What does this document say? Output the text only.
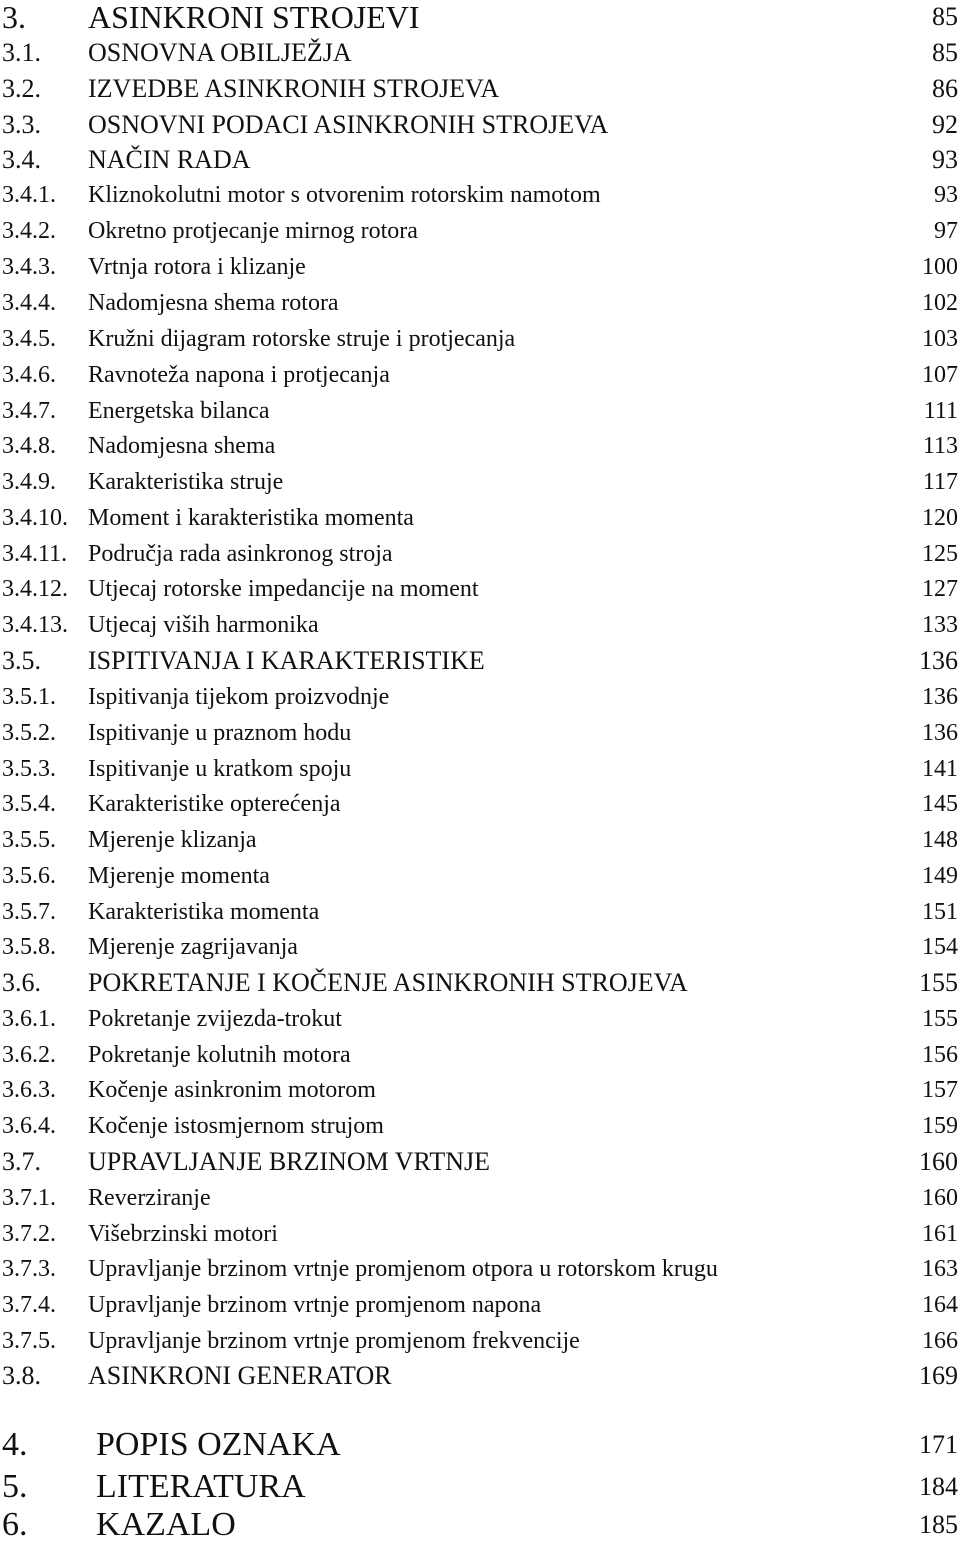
3. ASINKRONI STROJEVI	85
3.1. OSNOVNA OBILJEŽJA	85
3.2. IZVEDBE ASINKRONIH STROJEVA	86
3.3. OSNOVNI PODACI ASINKRONIH STROJEVA	92
3.4. NAČIN RADA	93
3.4.1. Kliznokolutni motor s otvorenim rotorskim namotom	93
3.4.2. Okretno protjecanje mirnog rotora	97
3.4.3. Vrtnja rotora i klizanje	100
3.4.4. Nadomjesna shema rotora	102
3.4.5. Kružni dijagram rotorske struje i protjecanja	103
3.4.6. Ravnoteža napona i protjecanja	107
3.4.7. Energetska bilanca	111
3.4.8. Nadomjesna shema	113
3.4.9. Karakteristika struje	117
3.4.10. Moment i karakteristika momenta	120
3.4.11. Područja rada asinkronog stroja	125
3.4.12. Utjecaj rotorske impedancije na moment	127
3.4.13. Utjecaj viših harmonika	133
3.5. ISPITIVANJA I KARAKTERISTIKE	136
3.5.1. Ispitivanja tijekom proizvodnje	136
3.5.2. Ispitivanje u praznom hodu	136
3.5.3. Ispitivanje u kratkom spoju	141
3.5.4. Karakteristike opterećenja	145
3.5.5. Mjerenje klizanja	148
3.5.6. Mjerenje momenta	149
3.5.7. Karakteristika momenta	151
3.5.8. Mjerenje zagrijavanja	154
3.6. POKRETANJE I KOČENJE ASINKRONIH STROJEVA	155
3.6.1. Pokretanje zvijezda-trokut	155
3.6.2. Pokretanje kolutnih motora	156
3.6.3. Kočenje asinkronim motorom	157
3.6.4. Kočenje istosmjernom strujom	159
3.7. UPRAVLJANJE BRZINOM VRTNJE	160
3.7.1. Reverziranje	160
3.7.2. Višebrzinski motori	161
3.7.3. Upravljanje brzinom vrtnje promjenom otpora u rotorskom krugu	163
3.7.4. Upravljanje brzinom vrtnje promjenom napona	164
3.7.5. Upravljanje brzinom vrtnje promjenom frekvencije	166
3.8. ASINKRONI GENERATOR	169
4. POPIS OZNAKA	171
5. LITERATURA	184
6. KAZALO	185
